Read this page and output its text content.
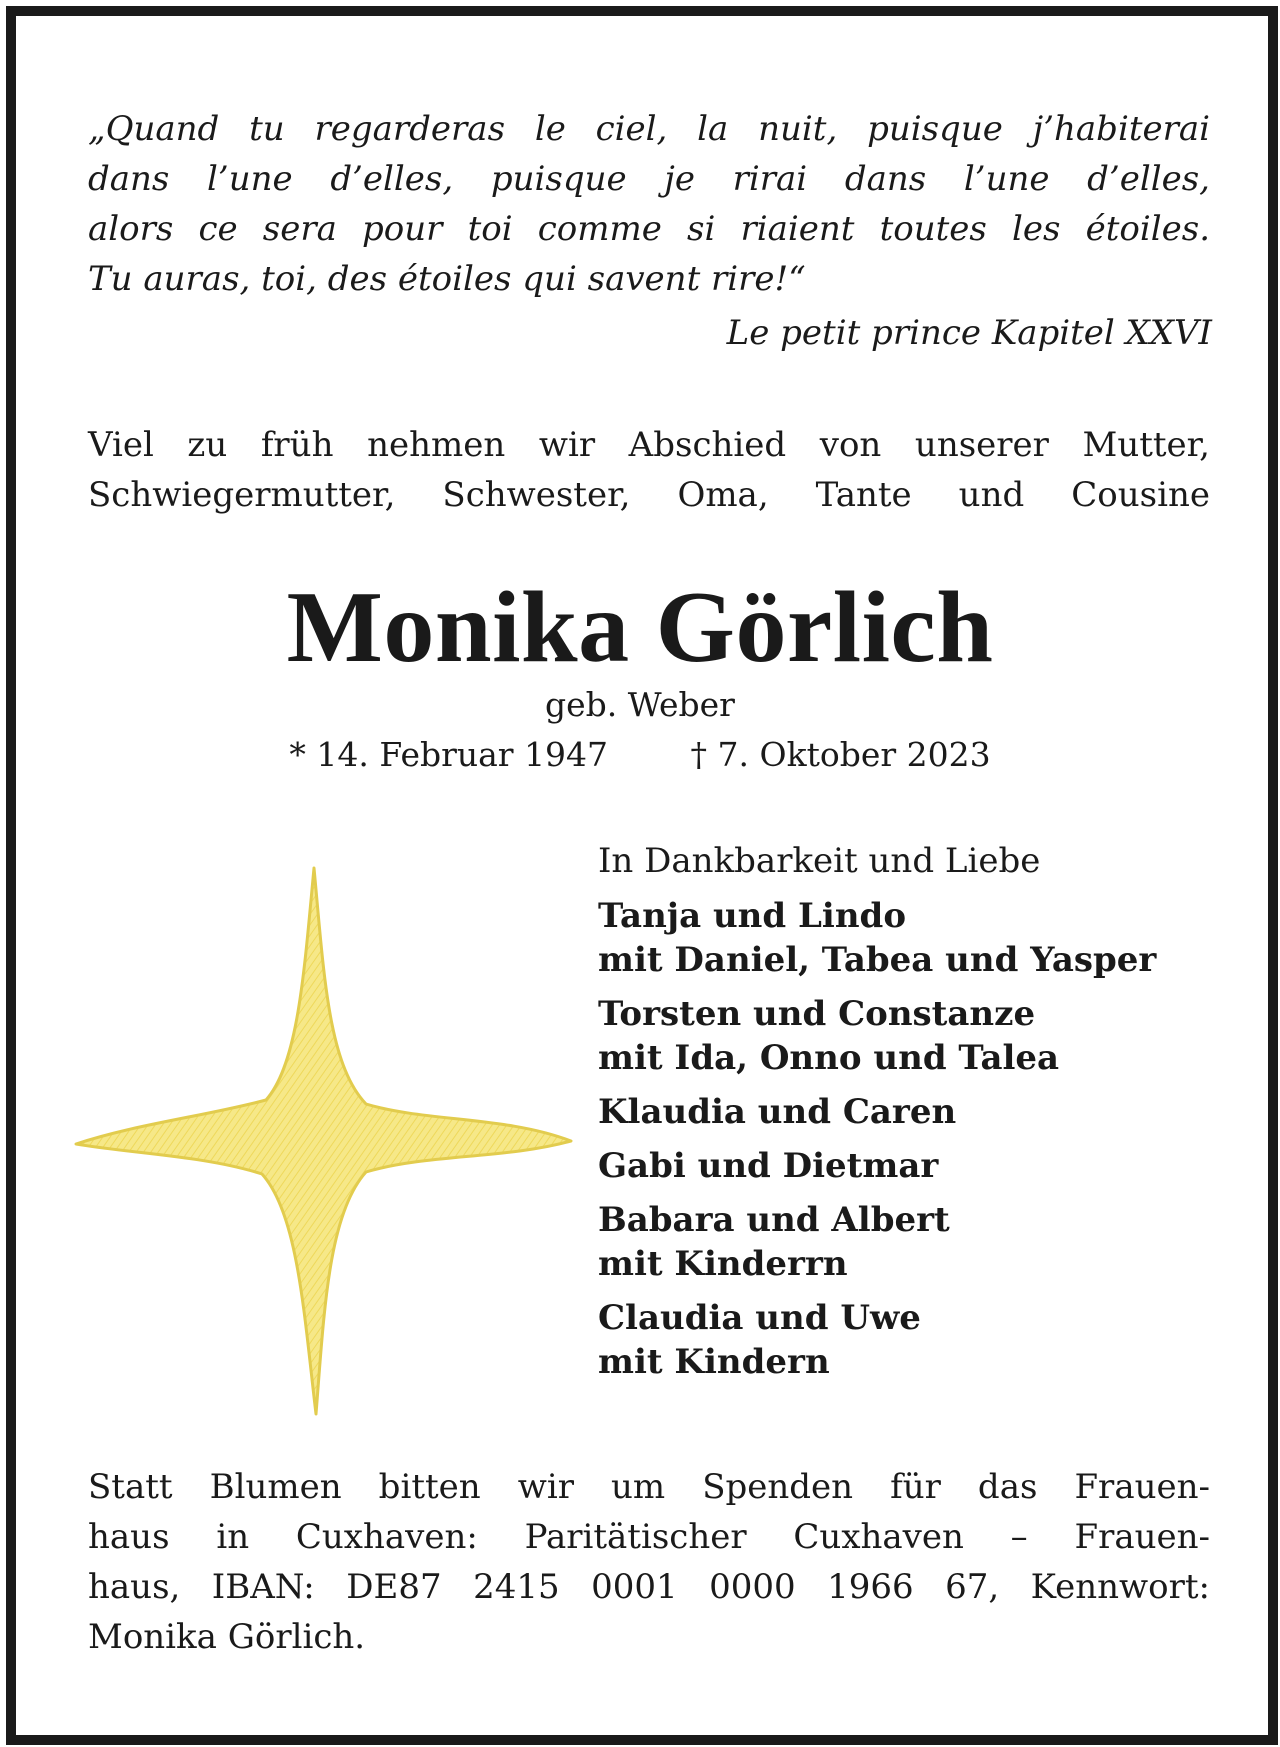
„Quand tu regarderas le ciel, la nuit, puisque j’habiterai
dans l’une d’elles, puisque je rirai dans l’une d’elles,
alors ce sera pour toi comme si riaient toutes les étoiles.
Tu auras, toi, des étoiles qui savent rire!“
Le petit prince Kapitel XXVI
Viel zu früh nehmen wir Abschied von unserer Mutter,
Schwiegermutter, Schwester, Oma, Tante und Cousine
Monika Görlich
geb. Weber
* 14. Februar 1947	† 7. Oktober 2023
In Dankbarkeit und Liebe
Tanja und Lindo
mit Daniel, Tabea und Yasper
Torsten und Constanze
mit Ida, Onno und Talea
Klaudia und Caren
Gabi und Dietmar
Babara und Albert
mit Kinderrn
Claudia und Uwe
mit Kindern
Statt Blumen bitten wir um Spenden für das Frauen-
haus in Cuxhaven: Paritätischer Cuxhaven – Frauen-
haus, IBAN: DE87 2415 0001 0000 1966 67, Kennwort:
Monika Görlich.
